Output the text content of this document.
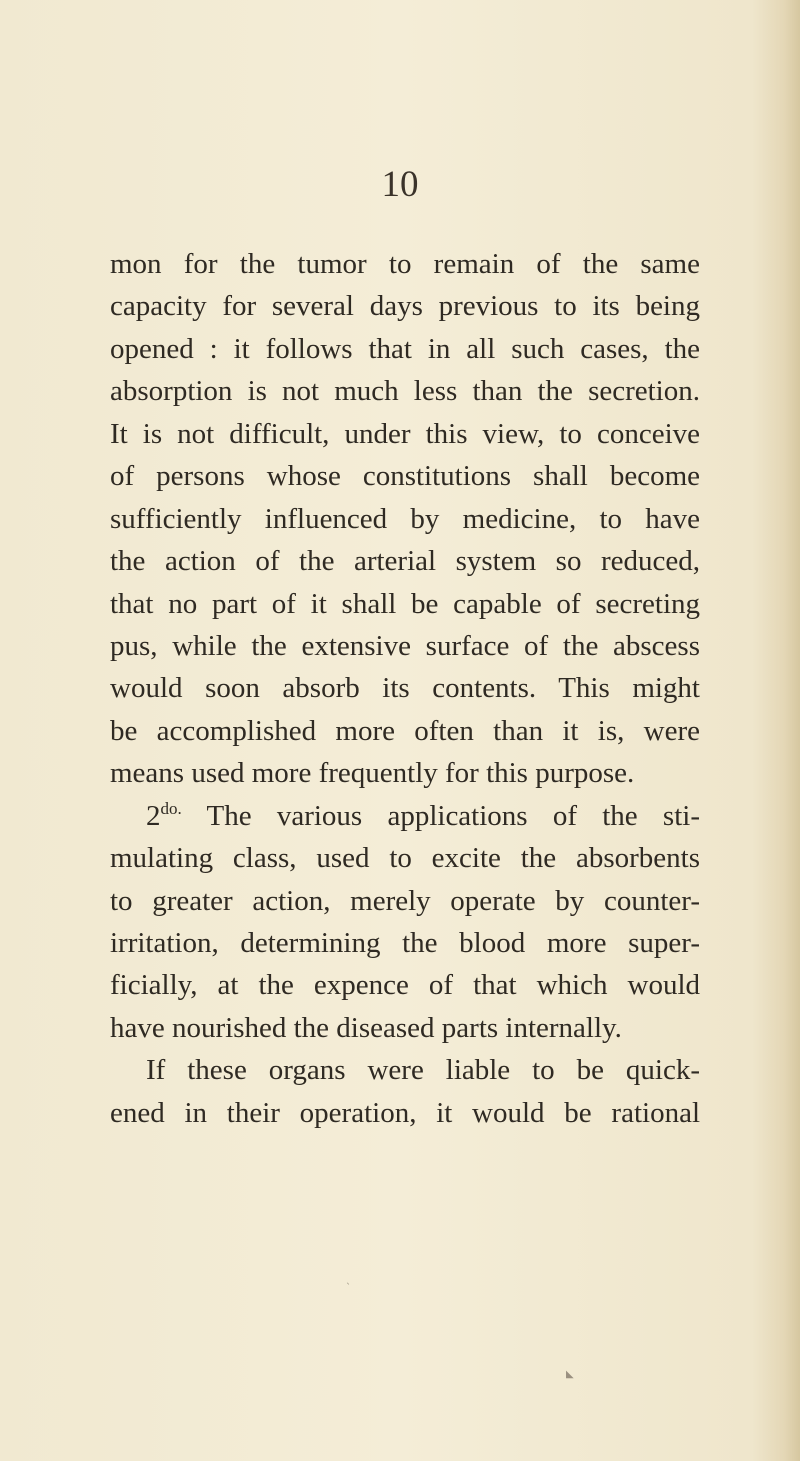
10

mon for the tumor to remain of the same
capacity for several days previous to its being
opened : it follows that in all such cases, the
absorption is not much less than the secretion.
It is not difficult, under this view, to conceive
of persons whose constitutions shall become
sufficiently influenced by medicine, to have
the action of the arterial system so reduced,
that no part of it shall be capable of secreting
pus, while the extensive surface of the abscess
would soon absorb its contents. This might
be accomplished more often than it is, were
means used more frequently for this purpose.
$2^{do.}$ The various applications of the sti-
mulating class, used to excite the absorbents
to greater action, merely operate by counter-
irritation, determining the blood more super-
ficially, at the expence of that which would
have nourished the diseased parts internally.
If these organs were liable to be quick-
ened in their operation, it would be rational
ˎ
◣
